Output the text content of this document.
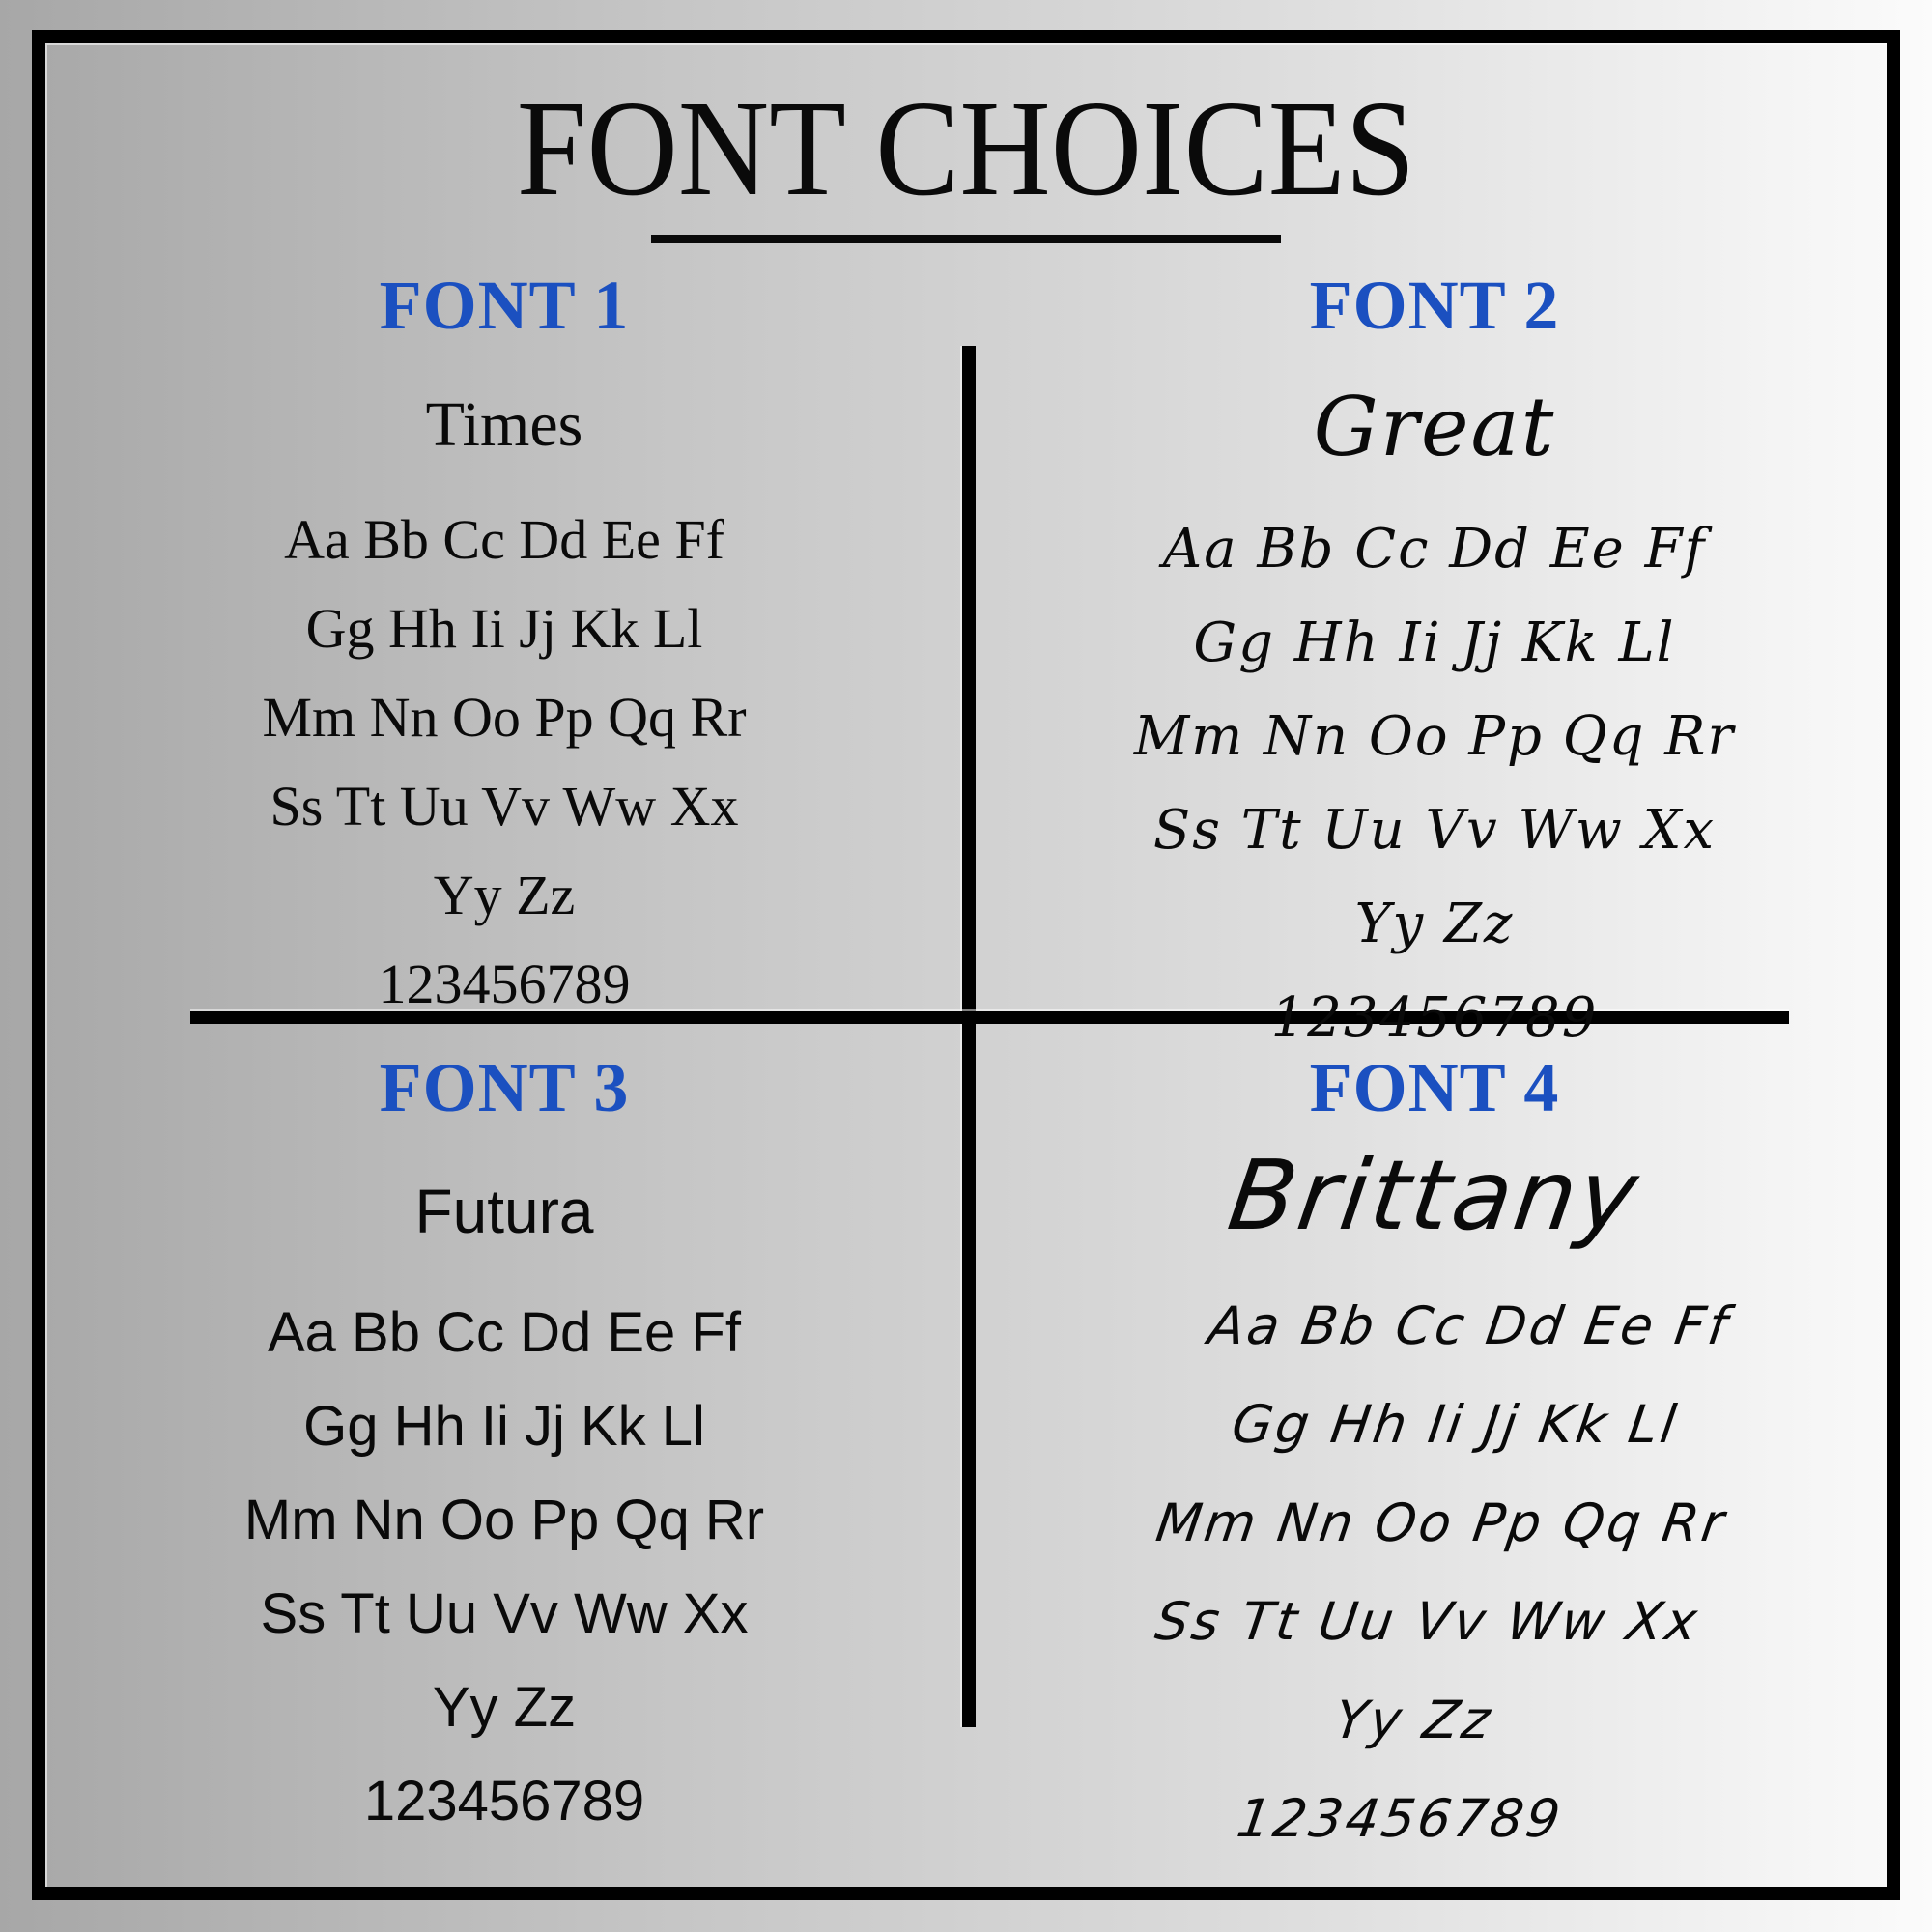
FONT CHOICES
FONT 1
Times
Aa Bb Cc Dd Ee Ff
Gg Hh Ii Jj Kk Ll
Mm Nn Oo Pp Qq Rr
Ss Tt Uu Vv Ww Xx
Yy Zz
123456789
FONT 2
Great
Aa Bb Cc Dd Ee Ff
Gg Hh Ii Jj Kk Ll
Mm Nn Oo Pp Qq Rr
Ss Tt Uu Vv Ww Xx
Yy Zz
123456789
FONT 3
Futura
Aa Bb Cc Dd Ee Ff
Gg Hh Ii Jj Kk Ll
Mm Nn Oo Pp Qq Rr
Ss Tt Uu Vv Ww Xx
Yy Zz
123456789
FONT 4
Brittany
Aa Bb Cc Dd Ee Ff
Gg Hh Ii Jj Kk Ll
Mm Nn Oo Pp Qq Rr
Ss Tt Uu Vv Ww Xx
Yy Zz
123456789
